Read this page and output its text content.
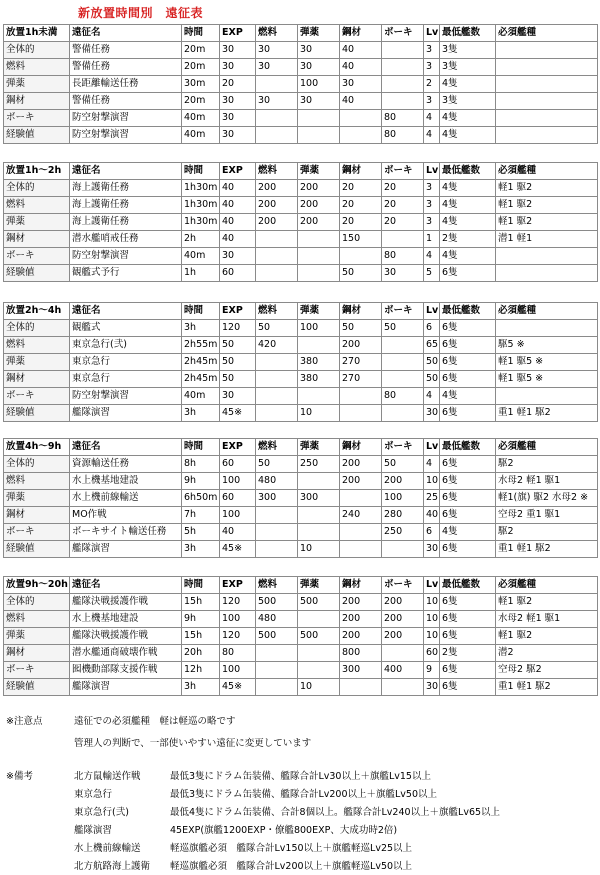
新放置時間別　遠征表
放置1h未満	遠征名	時間	EXP	燃料	弾薬	鋼材	ボーキ	Lv	最低艦数	必須艦種
全体的	警備任務	20m	30	30	30	40		3	3隻	
燃料	警備任務	20m	30	30	30	40		3	3隻	
弾薬	長距離輸送任務	30m	20		100	30		2	4隻	
鋼材	警備任務	20m	30	30	30	40		3	3隻	
ボーキ	防空射撃演習	40m	30				80	4	4隻	
経験値	防空射撃演習	40m	30				80	4	4隻	
放置1h～2h	遠征名	時間	EXP	燃料	弾薬	鋼材	ボーキ	Lv	最低艦数	必須艦種
全体的	海上護衛任務	1h30m	40	200	200	20	20	3	4隻	軽1 駆2
燃料	海上護衛任務	1h30m	40	200	200	20	20	3	4隻	軽1 駆2
弾薬	海上護衛任務	1h30m	40	200	200	20	20	3	4隻	軽1 駆2
鋼材	潜水艦哨戒任務	2h	40			150		1	2隻	潜1 軽1
ボーキ	防空射撃演習	40m	30				80	4	4隻	
経験値	観艦式予行	1h	60			50	30	5	6隻	
放置2h～4h	遠征名	時間	EXP	燃料	弾薬	鋼材	ボーキ	Lv	最低艦数	必須艦種
全体的	観艦式	3h	120	50	100	50	50	6	6隻	
燃料	東京急行(弐)	2h55m	50	420		200		65	6隻	駆5 ※
弾薬	東京急行	2h45m	50		380	270		50	6隻	軽1 駆5 ※
鋼材	東京急行	2h45m	50		380	270		50	6隻	軽1 駆5 ※
ボーキ	防空射撃演習	40m	30				80	4	4隻	
経験値	艦隊演習	3h	45※		10			30	6隻	重1 軽1 駆2
放置4h～9h	遠征名	時間	EXP	燃料	弾薬	鋼材	ボーキ	Lv	最低艦数	必須艦種
全体的	資源輸送任務	8h	60	50	250	200	50	4	6隻	駆2
燃料	水上機基地建設	9h	100	480		200	200	10	6隻	水母2 軽1 駆1
弾薬	水上機前線輸送	6h50m	60	300	300		100	25	6隻	軽1(旗) 駆2 水母2 ※
鋼材	MO作戦	7h	100			240	280	40	6隻	空母2 重1 駆1
ボーキ	ボーキサイト輸送任務	5h	40				250	6	4隻	駆2
経験値	艦隊演習	3h	45※		10			30	6隻	重1 軽1 駆2
放置9h～20h	遠征名	時間	EXP	燃料	弾薬	鋼材	ボーキ	Lv	最低艦数	必須艦種
全体的	艦隊決戦援護作戦	15h	120	500	500	200	200	10	6隻	軽1 駆2
燃料	水上機基地建設	9h	100	480		200	200	10	6隻	水母2 軽1 駆1
弾薬	艦隊決戦援護作戦	15h	120	500	500	200	200	10	6隻	軽1 駆2
鋼材	潜水艦通商破壊作戦	20h	80			800		60	2隻	潜2
ボーキ	囮機動部隊支援作戦	12h	100			300	400	9	6隻	空母2 駆2
経験値	艦隊演習	3h	45※		10			30	6隻	重1 軽1 駆2
※注意点	遠征での必須艦種　軽は軽巡の略です
管理人の判断で、一部使いやすい遠征に変更しています
※備考	北方鼠輸送作戦	最低3隻にドラム缶装備、艦隊合計Lv30以上＋旗艦Lv15以上
東京急行	最低3隻にドラム缶装備、艦隊合計Lv200以上＋旗艦Lv50以上
東京急行(弐)	最低4隻にドラム缶装備、合計8個以上。艦隊合計Lv240以上＋旗艦Lv65以上
艦隊演習	45EXP(旗艦1200EXP・僚艦800EXP、大成功時2倍)
水上機前線輸送	軽巡旗艦必須　艦隊合計Lv150以上＋旗艦軽巡Lv25以上
北方航路海上護衛 軽巡旗艦必須　艦隊合計Lv200以上＋旗艦軽巡Lv50以上
